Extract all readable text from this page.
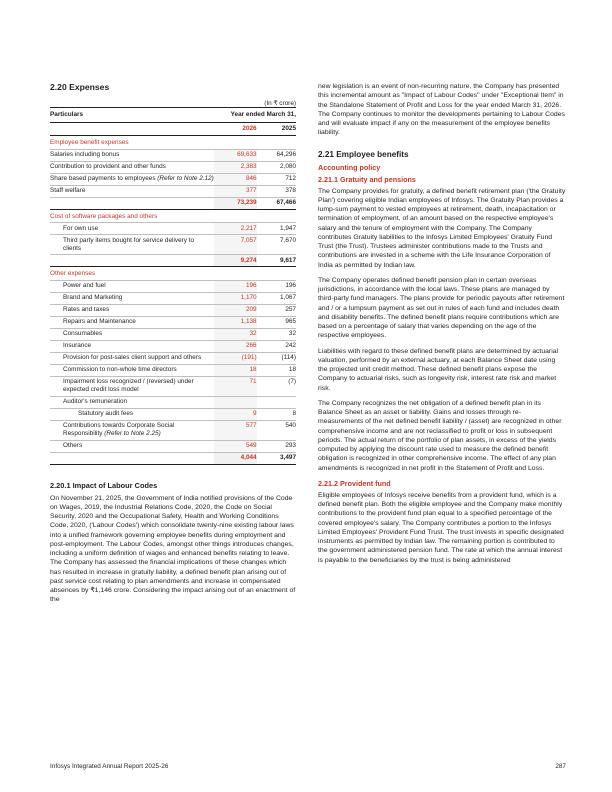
2.20 Expenses
(In ₹ crore)
Particulars	Year ended March 31,	
	2026	2025
Employee benefit expenses		
Salaries including bonus	69,633	64,296
Contribution to provident and other funds	2,383	2,080
Share based payments to employees (Refer to Note 2.12)	846	712
Staff welfare	377	378
	73,239	67,466
Cost of software packages and others		
For own use	2,217	1,947
Third party items bought for service delivery to clients	7,057	7,670
	9,274	9,617
Other expenses		
Power and fuel	196	196
Brand and Marketing	1,170	1,067
Rates and taxes	209	257
Repairs and Maintenance	1,138	965
Consumables	32	32
Insurance	266	242
Provision for post-sales client support and others	(191)	(114)
Commission to non-whole time directors	18	18
Impairment loss recognized / (reversed) under expected credit loss model	71	(7)
Auditor's remuneration		
Statutory audit fees	9	8
Contributions towards Corporate Social Responsibility (Refer to Note 2.25)	577	540
Others	549	293
	4,044	3,497
2.20.1 Impact of Labour Codes

On November 21, 2025, the Government of India notified provisions of the Code on Wages, 2019, the Industrial Relations Code, 2020, the Code on Social Security, 2020 and the Occupational Safety, Health and Working Conditions Code, 2020, ('Labour Codes') which consolidate twenty-nine existing labour laws into a unified framework governing employee benefits during employment and post-employment. The Labour Codes, amongst other things introduces changes, including a uniform definition of wages and enhanced benefits relating to leave. The Company has assessed the financial implications of these changes which has resulted in increase in gratuity liability, a defined benefit plan arising out of past service cost relating to plan amendments and increase in compensated absences by ₹1,146 crore. Considering the impact arising out of an enactment of the

new legislation is an event of non-recurring nature, the Company has presented this incremental amount as "Impact of Labour Codes" under "Exceptional Item" in the Standalone Statement of Profit and Loss for the year ended March 31, 2026. The Company continues to monitor the developments pertaining to Labour Codes and will evaluate impact if any on the measurement of the employee benefits liability.

2.21 Employee benefits
Accounting policy
2.21.1 Gratuity and pensions

The Company provides for gratuity, a defined benefit retirement plan ('the Gratuity Plan') covering eligible Indian employees of Infosys. The Gratuity Plan provides a lump-sum payment to vested employees at retirement, death, incapacitation or termination of employment, of an amount based on the respective employee's salary and the tenure of employment with the Company. The Company contributes Gratuity liabilities to the Infosys Limited Employees' Gratuity Fund Trust (the Trust). Trustees administer contributions made to the Trusts and contributions are invested in a scheme with the Life Insurance Corporation of India as permitted by Indian law.

The Company operates defined benefit pension plan in certain overseas jurisdictions, in accordance with the local laws. These plans are managed by third-party fund managers. The plans provide for periodic payouts after retirement and / or a lumpsum payment as set out in rules of each fund and includes death and disability benefits. The defined benefit plans require contributions which are based on a percentage of salary that varies depending on the age of the respective employees.

Liabilities with regard to these defined benefit plans are determined by actuarial valuation, performed by an external actuary, at each Balance Sheet date using the projected unit credit method. These defined benefit plans expose the Company to actuarial risks, such as longevity risk, interest rate risk and market risk.

The Company recognizes the net obligation of a defined benefit plan in its Balance Sheet as an asset or liability. Gains and losses through re-measurements of the net defined benefit liability / (asset) are recognized in other comprehensive income and are not reclassified to profit or loss in subsequent periods. The actual return of the portfolio of plan assets, in excess of the yields computed by applying the discount rate used to measure the defined benefit obligation is recognized in other comprehensive income. The effect of any plan amendments is recognized in net profit in the Statement of Profit and Loss.

2.21.2 Provident fund

Eligible employees of Infosys receive benefits from a provident fund, which is a defined benefit plan. Both the eligible employee and the Company make monthly contributions to the provident fund plan equal to a specified percentage of the covered employee's salary. The Company contributes a portion to the Infosys Limited Employees' Provident Fund Trust. The trust invests in specific designated instruments as permitted by Indian law. The remaining portion is contributed to the government administered pension fund. The rate at which the annual interest is payable to the beneficiaries by the trust is being administered

Infosys Integrated Annual Report 2025-26	287
